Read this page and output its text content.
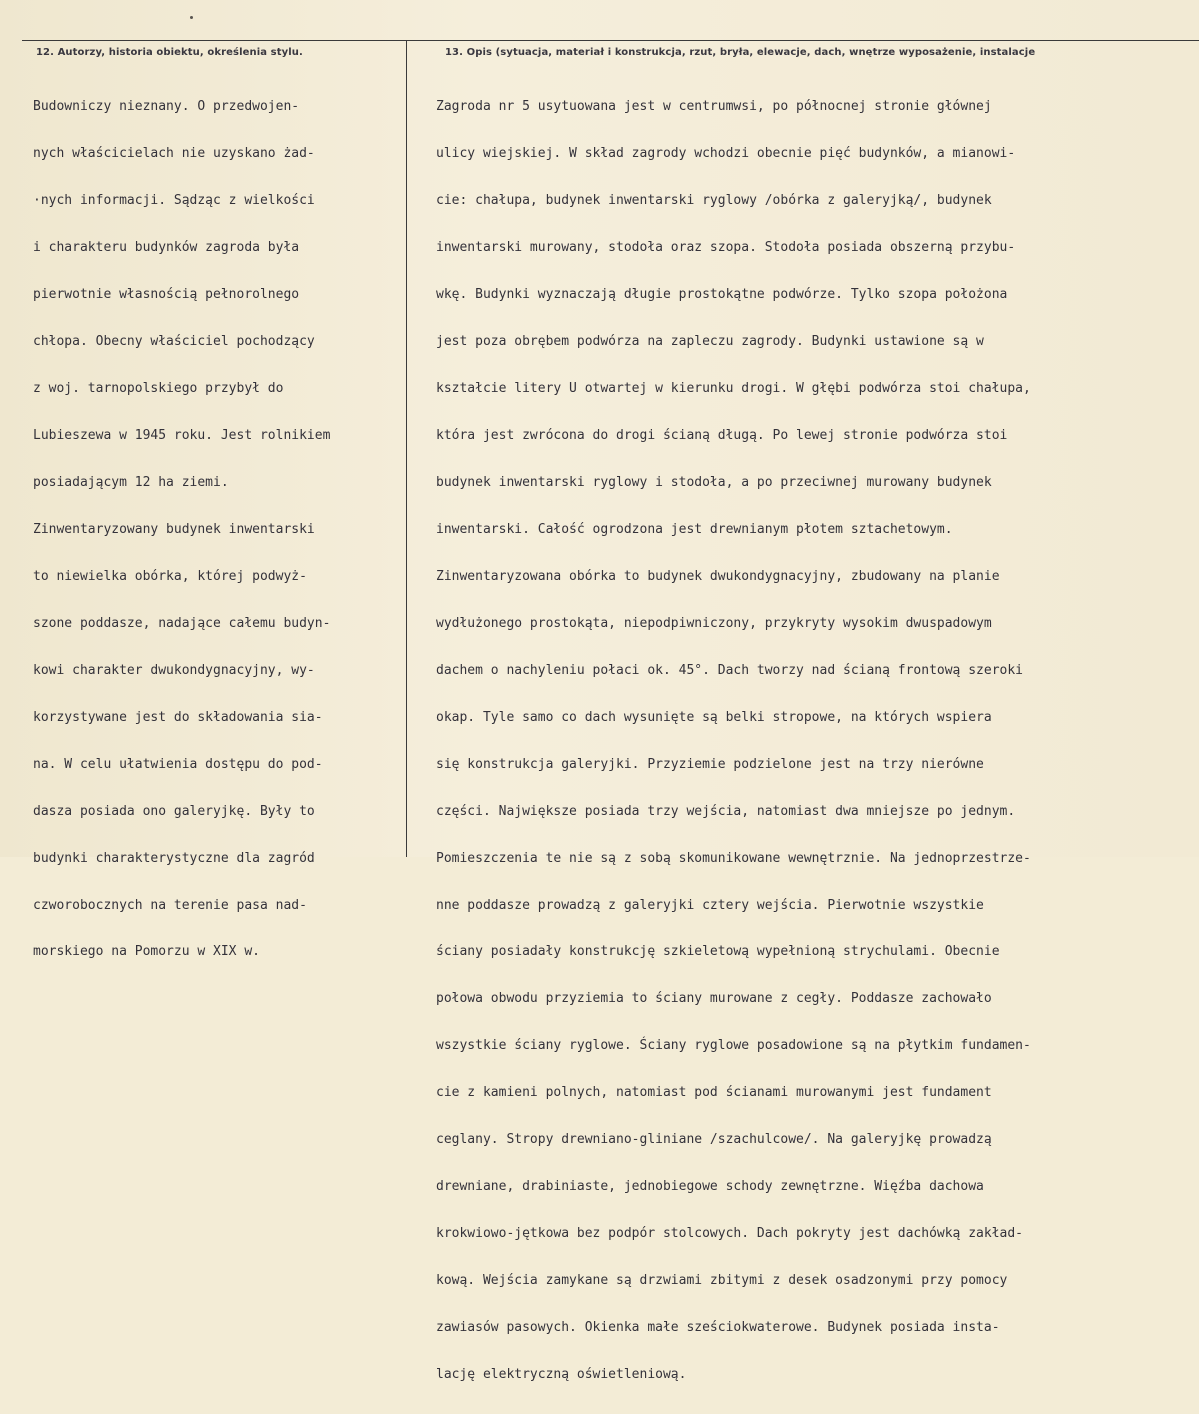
12. Autorzy, historia obiektu, określenia stylu.	13. Opis (sytuacja, materiał i konstrukcja, rzut, bryła, elewacje, dach, wnętrze wyposażenie, instalacje

Budowniczy nieznany. O przedwojen-

nych właścicielach nie uzyskano żad-

·nych informacji. Sądząc z wielkości

i charakteru budynków zagroda była

pierwotnie własnością pełnorolnego

chłopa. Obecny właściciel pochodzący

z woj. tarnopolskiego przybył do

Lubieszewa w 1945 roku. Jest rolnikiem

posiadającym 12 ha ziemi.

Zinwentaryzowany budynek inwentarski

to niewielka obórka, której podwyż-

szone poddasze, nadające całemu budyn-

kowi charakter dwukondygnacyjny, wy-

korzystywane jest do składowania sia-

na. W celu ułatwienia dostępu do pod-

dasza posiada ono galeryjkę. Były to

budynki charakterystyczne dla zagród

czworobocznych na terenie pasa nad-

morskiego na Pomorzu w XIX w.

Zagroda nr 5 usytuowana jest w centrumwsi, po północnej stronie głównej

ulicy wiejskiej. W skład zagrody wchodzi obecnie pięć budynków, a mianowi-

cie: chałupa, budynek inwentarski ryglowy /obórka z galeryjką/, budynek

inwentarski murowany, stodoła oraz szopa. Stodoła posiada obszerną przybu-

wkę. Budynki wyznaczają długie prostokątne podwórze. Tylko szopa położona

jest poza obrębem podwórza na zapleczu zagrody. Budynki ustawione są w

kształcie litery U otwartej w kierunku drogi. W głębi podwórza stoi chałupa,

która jest zwrócona do drogi ścianą długą. Po lewej stronie podwórza stoi

budynek inwentarski ryglowy i stodoła, a po przeciwnej murowany budynek

inwentarski. Całość ogrodzona jest drewnianym płotem sztachetowym.

Zinwentaryzowana obórka to budynek dwukondygnacyjny, zbudowany na planie

wydłużonego prostokąta, niepodpiwniczony, przykryty wysokim dwuspadowym

dachem o nachyleniu połaci ok. 45°. Dach tworzy nad ścianą frontową szeroki

okap. Tyle samo co dach wysunięte są belki stropowe, na których wspiera

się konstrukcja galeryjki. Przyziemie podzielone jest na trzy nierówne

części. Największe posiada trzy wejścia, natomiast dwa mniejsze po jednym.

Pomieszczenia te nie są z sobą skomunikowane wewnętrznie. Na jednoprzestrze-

nne poddasze prowadzą z galeryjki cztery wejścia. Pierwotnie wszystkie

ściany posiadały konstrukcję szkieletową wypełnioną strychulami. Obecnie

połowa obwodu przyziemia to ściany murowane z cegły. Poddasze zachowało

wszystkie ściany ryglowe. Ściany ryglowe posadowione są na płytkim fundamen-

cie z kamieni polnych, natomiast pod ścianami murowanymi jest fundament

ceglany. Stropy drewniano-gliniane /szachulcowe/. Na galeryjkę prowadzą

drewniane, drabiniaste, jednobiegowe schody zewnętrzne. Więźba dachowa

krokwiowo-jętkowa bez podpór stolcowych. Dach pokryty jest dachówką zakład-

kową. Wejścia zamykane są drzwiami zbitymi z desek osadzonymi przy pomocy

zawiasów pasowych. Okienka małe sześciokwaterowe. Budynek posiada insta-

lację elektryczną oświetleniową.
